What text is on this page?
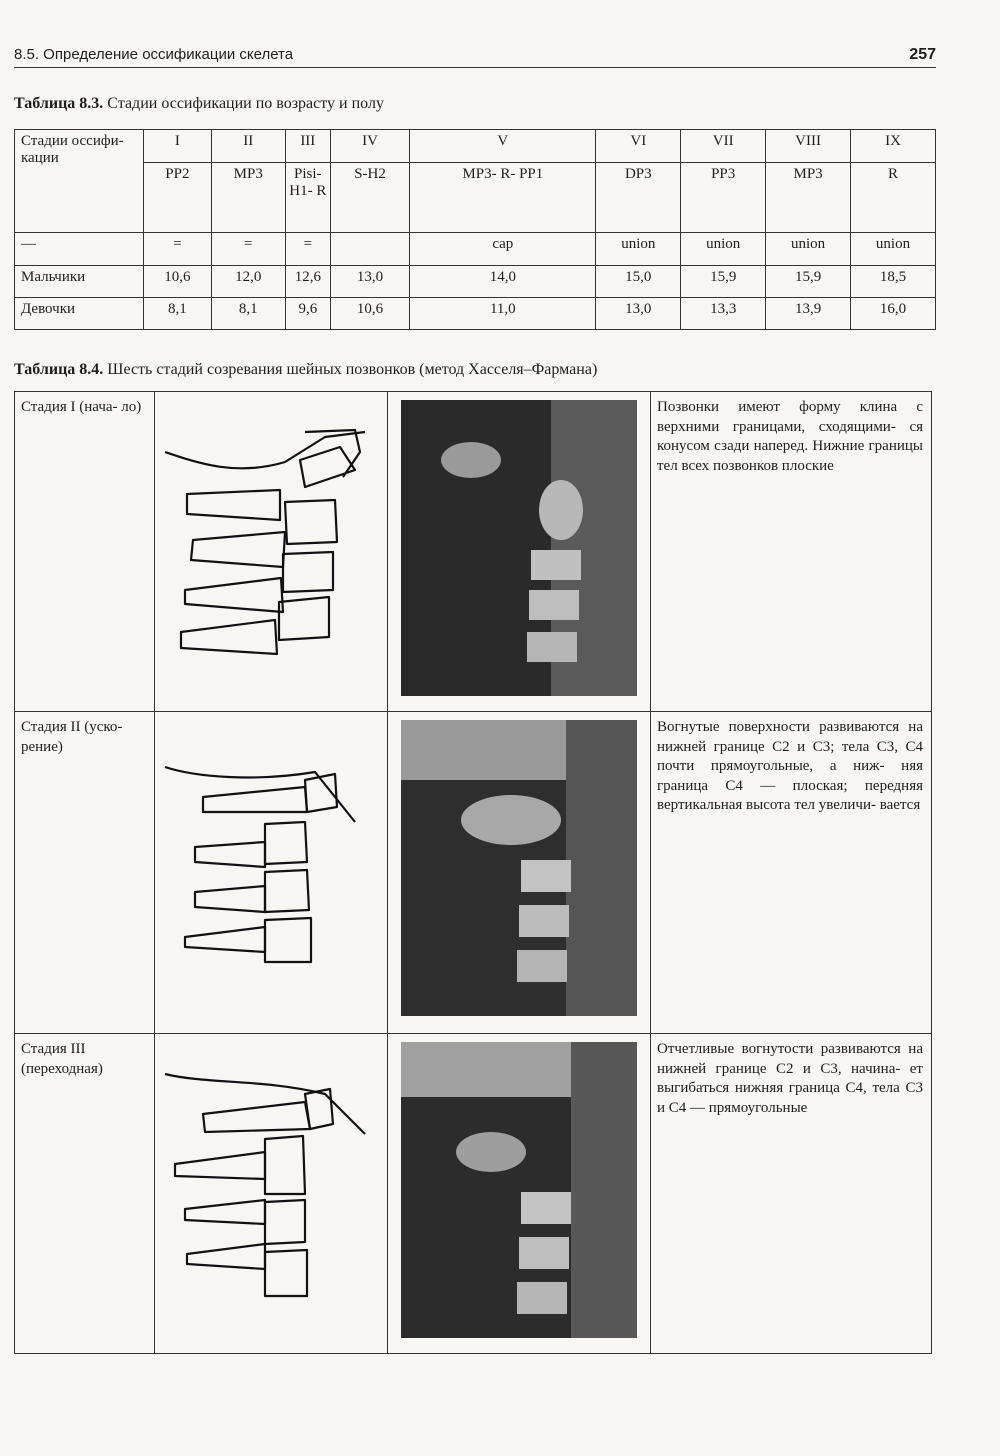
8.5. Определение оссификации скелета	257
Таблица 8.3. Стадии оссификации по возрасту и полу
Стадии оссифи- кации	I	II	III	IV	V	VI	VII	VIII	IX
	PP2	MP3	Pisi- H1- R	S-H2	MP3- R- PP1	DP3	PP3	MP3	R
—	=	=	=		cap	union	union	union	union
Мальчики	10,6	12,0	12,6	13,0	14,0	15,0	15,9	15,9	18,5
Девочки	8,1	8,1	9,6	10,6	11,0	13,0	13,3	13,9	16,0
Таблица 8.4. Шесть стадий созревания шейных позвонков (метод Хасселя–Фармана)
Стадия I (нача- ло)			Позвонки имеют форму клина с верхними границами, сходящими- ся конусом сзади наперед. Нижние границы тел всех позвонков плоские
Стадия II (уско- рение)			Вогнутые поверхности развиваются на нижней границе С2 и С3; тела С3, С4 почти прямоугольные, а ниж- няя граница С4 — плоская; передняя вертикальная высота тел увеличи- вается
Стадия III (переходная)			Отчетливые вогнутости развиваются на нижней границе С2 и С3, начина- ет выгибаться нижняя граница С4, тела С3 и С4 — прямоугольные
